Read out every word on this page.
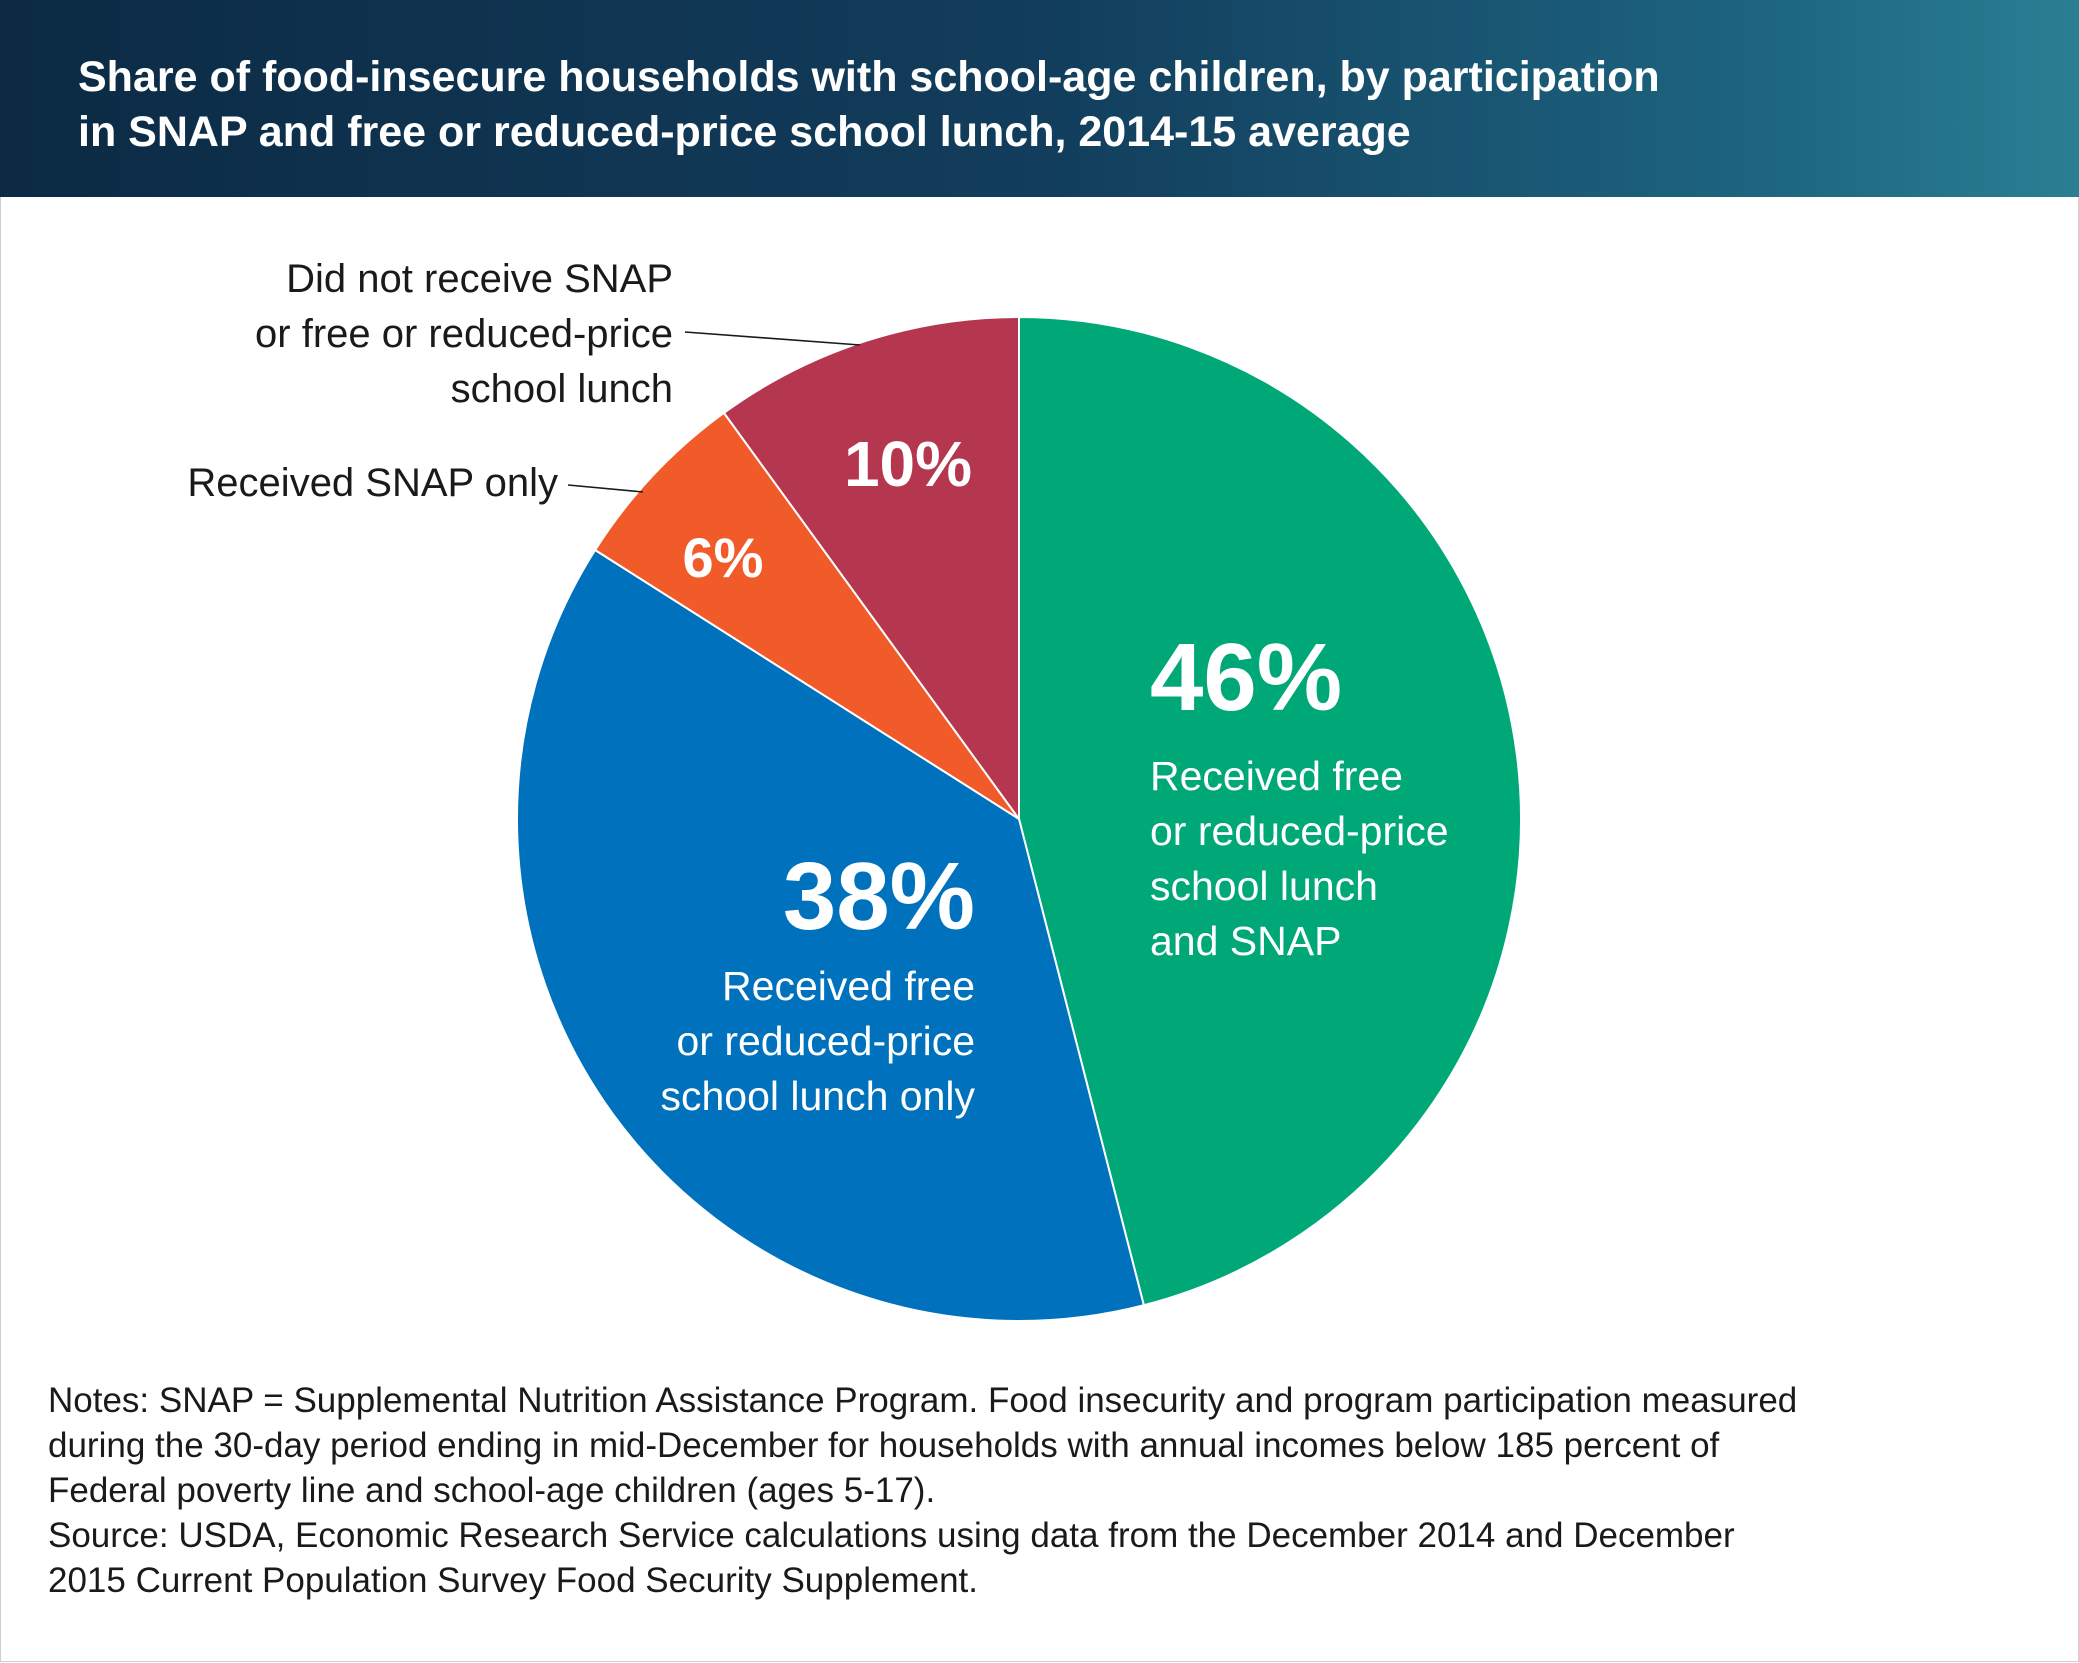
Share of food-insecure households with school-age children, by participation
in SNAP and free or reduced-price school lunch, 2014-15 average
46%
Received free
or reduced-price
school lunch
and SNAP
38%
Received free
or reduced-price
school lunch only
6%
Received SNAP only	10%
Did not receive SNAP
or free or reduced-price
school lunch
Notes: SNAP = Supplemental Nutrition Assistance Program. Food insecurity and program participation measured
during the 30-day period ending in mid-December for households with annual incomes below 185 percent of
Federal poverty line and school-age children (ages 5-17).
Source: USDA, Economic Research Service calculations using data from the December 2014 and December
2015 Current Population Survey Food Security Supplement.
